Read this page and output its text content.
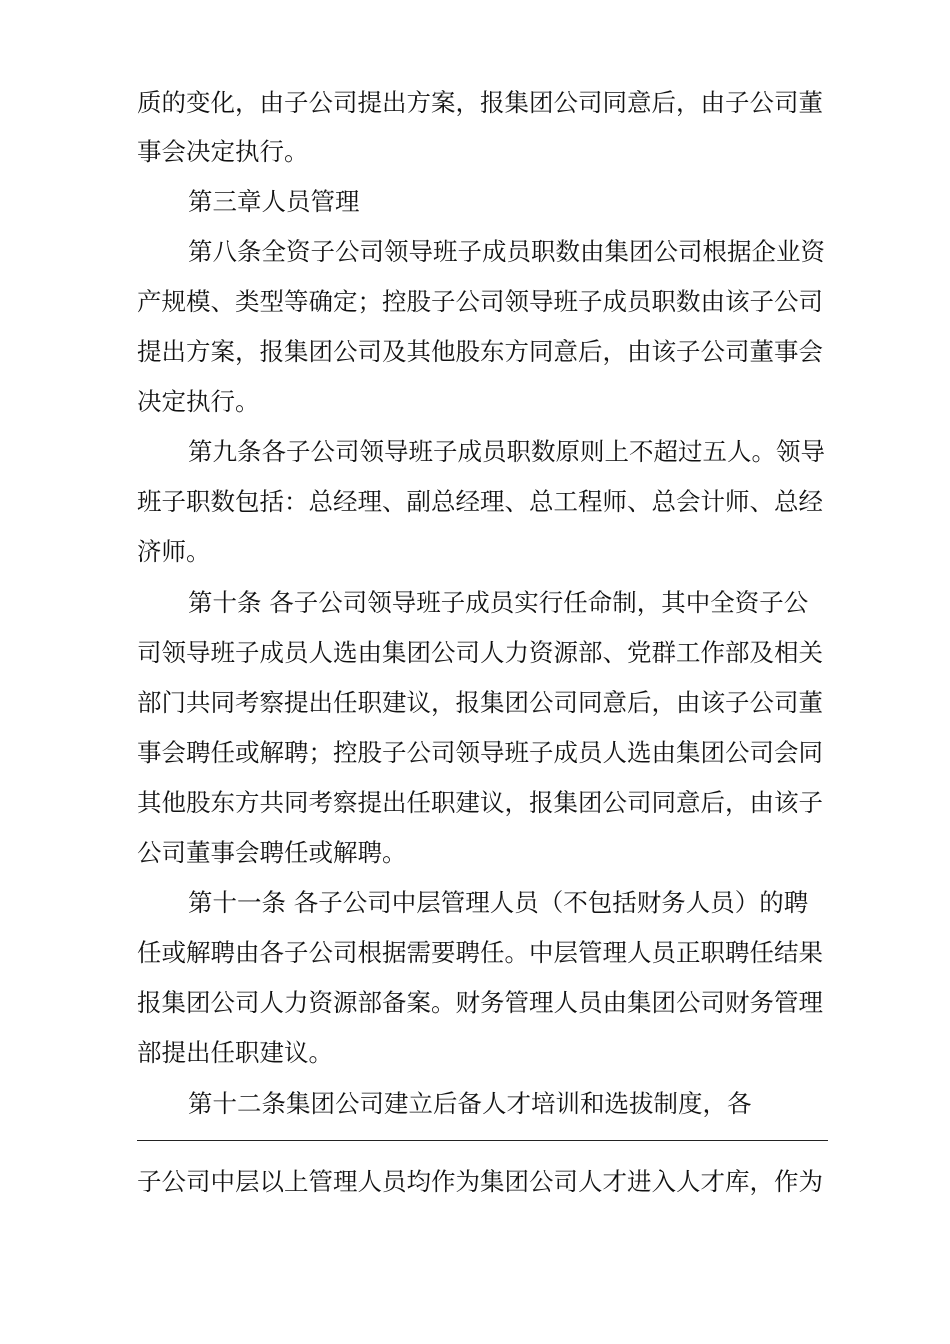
质的变化，由子公司提出方案，报集团公司同意后，由子公司董
事会决定执行。
第三章人员管理
第八条全资子公司领导班子成员职数由集团公司根据企业资
产规模、类型等确定；控股子公司领导班子成员职数由该子公司
提出方案，报集团公司及其他股东方同意后，由该子公司董事会
决定执行。
第九条各子公司领导班子成员职数原则上不超过五人。领导
班子职数包括：总经理、副总经理、总工程师、总会计师、总经
济师。
第十条 各子公司领导班子成员实行任命制，其中全资子公
司领导班子成员人选由集团公司人力资源部、党群工作部及相关
部门共同考察提出任职建议，报集团公司同意后，由该子公司董
事会聘任或解聘；控股子公司领导班子成员人选由集团公司会同
其他股东方共同考察提出任职建议，报集团公司同意后，由该子
公司董事会聘任或解聘。
第十一条 各子公司中层管理人员（不包括财务人员）的聘
任或解聘由各子公司根据需要聘任。中层管理人员正职聘任结果
报集团公司人力资源部备案。财务管理人员由集团公司财务管理
部提出任职建议。
第十二条集团公司建立后备人才培训和选拔制度，各
子公司中层以上管理人员均作为集团公司人才进入人才库，作为
